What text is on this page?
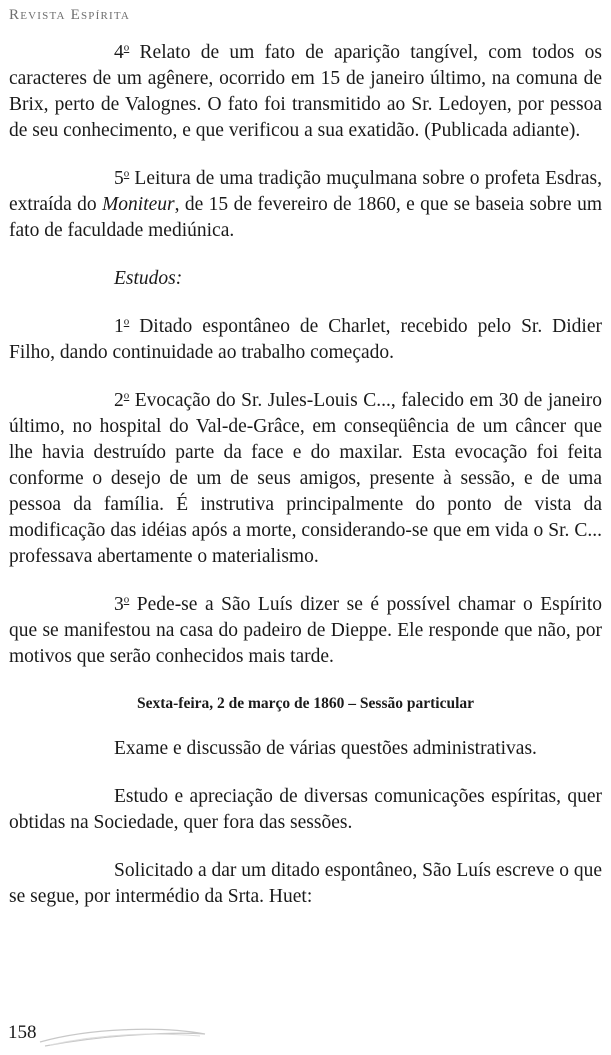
Revista Espírita

4$^o$ Relato de um fato de aparição tangível, com todos os caracteres de um agênere, ocorrido em 15 de janeiro último, na comuna de Brix, perto de Valognes. O fato foi transmitido ao Sr. Ledoyen, por pessoa de seu conhecimento, e que verificou a sua exatidão. (Publicada adiante).

5$^o$ Leitura de uma tradição muçulmana sobre o profeta Esdras, extraída do Moniteur, de 15 de fevereiro de 1860, e que se baseia sobre um fato de faculdade mediúnica.

Estudos:

1$^o$ Ditado espontâneo de Charlet, recebido pelo Sr. Didier Filho, dando continuidade ao trabalho começado.

2$^o$ Evocação do Sr. Jules-Louis C..., falecido em 30 de janeiro último, no hospital do Val-de-Grâce, em conseqüência de um câncer que lhe havia destruído parte da face e do maxilar. Esta evocação foi feita conforme o desejo de um de seus amigos, presente à sessão, e de uma pessoa da família. É instrutiva principalmente do ponto de vista da modificação das idéias após a morte, considerando-se que em vida o Sr. C... professava abertamente o materialismo.

3$^o$ Pede-se a São Luís dizer se é possível chamar o Espírito que se manifestou na casa do padeiro de Dieppe. Ele responde que não, por motivos que serão conhecidos mais tarde.

Sexta-feira, 2 de março de 1860 – Sessão particular

Exame e discussão de várias questões administrativas.

Estudo e apreciação de diversas comunicações espíritas, quer obtidas na Sociedade, quer fora das sessões.

Solicitado a dar um ditado espontâneo, São Luís escreve o que se segue, por intermédio da Srta. Huet:

158
